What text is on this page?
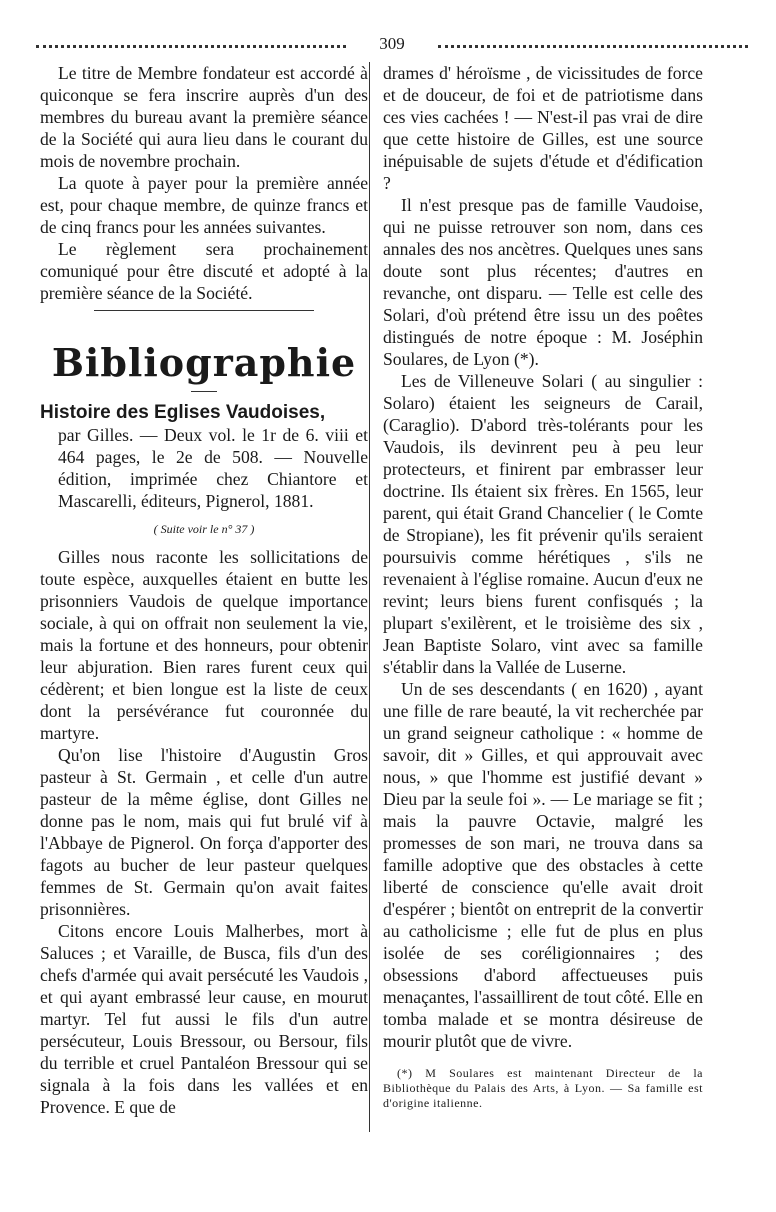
309

Le titre de Membre fondateur est accordé à quiconque se fera inscrire auprès d'un des membres du bureau avant la première séance de la Société qui aura lieu dans le courant du mois de novembre prochain.

La quote à payer pour la première année est, pour chaque membre, de quinze francs et de cinq francs pour les années suivantes.

Le règlement sera prochainement comuniqué pour être discuté et adopté à la première séance de la Société.

Bibliographie

Histoire des Eglises Vaudoises,

par Gilles. — Deux vol. le 1r de 6. viii et 464 pages, le 2e de 508. — Nouvelle édition, imprimée chez Chiantore et Mascarelli, éditeurs, Pignerol, 1881.

( Suite voir le n° 37 )

Gilles nous raconte les sollicitations de toute espèce, auxquelles étaient en butte les prisonniers Vaudois de quelque importance sociale, à qui on offrait non seulement la vie, mais la fortune et des honneurs, pour obtenir leur abjuration. Bien rares furent ceux qui cédèrent; et bien longue est la liste de ceux dont la persévérance fut couronnée du martyre.

Qu'on lise l'histoire d'Augustin Gros pasteur à St. Germain , et celle d'un autre pasteur de la même église, dont Gilles ne donne pas le nom, mais qui fut brulé vif à l'Abbaye de Pignerol. On força d'apporter des fagots au bucher de leur pasteur quelques femmes de St. Germain qu'on avait faites prisonnières.

Citons encore Louis Malherbes, mort à Saluces ; et Varaille, de Busca, fils d'un des chefs d'armée qui avait persécuté les Vaudois , et qui ayant embrassé leur cause, en mourut martyr. Tel fut aussi le fils d'un autre persécuteur, Louis Bressour, ou Bersour, fils du terrible et cruel Pantaléon Bressour qui se signala à la fois dans les vallées et en Provence. E que de

drames d' héroïsme , de vicissitudes de force et de douceur, de foi et de patriotisme dans ces vies cachées ! — N'est-il pas vrai de dire que cette histoire de Gilles, est une source inépuisable de sujets d'étude et d'édification ?

Il n'est presque pas de famille Vaudoise, qui ne puisse retrouver son nom, dans ces annales des nos ancètres. Quelques unes sans doute sont plus récentes; d'autres en revanche, ont disparu. — Telle est celle des Solari, d'où prétend être issu un des poêtes distingués de notre époque : M. Joséphin Soulares, de Lyon (*).

Les de Villeneuve Solari ( au singulier : Solaro) étaient les seigneurs de Carail, (Caraglio). D'abord très-tolérants pour les Vaudois, ils devinrent peu à peu leur protecteurs, et finirent par embrasser leur doctrine. Ils étaient six frères. En 1565, leur parent, qui était Grand Chancelier ( le Comte de Stropiane), les fit prévenir qu'ils seraient poursuivis comme hérétiques , s'ils ne revenaient à l'église romaine. Aucun d'eux ne revint; leurs biens furent confisqués ; la plupart s'exilèrent, et le troisième des six , Jean Baptiste Solaro, vint avec sa famille s'établir dans la Vallée de Luserne.

Un de ses descendants ( en 1620) , ayant une fille de rare beauté, la vit recherchée par un grand seigneur catholique : « homme de savoir, dit » Gilles, et qui approuvait avec nous, » que l'homme est justifié devant » Dieu par la seule foi ». — Le mariage se fit ; mais la pauvre Octavie, malgré les promesses de son mari, ne trouva dans sa famille adoptive que des obstacles à cette liberté de conscience qu'elle avait droit d'espérer ; bientôt on entreprit de la convertir au catholicisme ; elle fut de plus en plus isolée de ses coréligionnaires ; des obsessions d'abord affectueuses puis menaçantes, l'assaillirent de tout côté. Elle en tomba malade et se montra désireuse de mourir plutôt que de vivre.

(*) M Soulares est maintenant Directeur de la Bibliothèque du Palais des Arts, à Lyon. — Sa famille est d'origine italienne.
